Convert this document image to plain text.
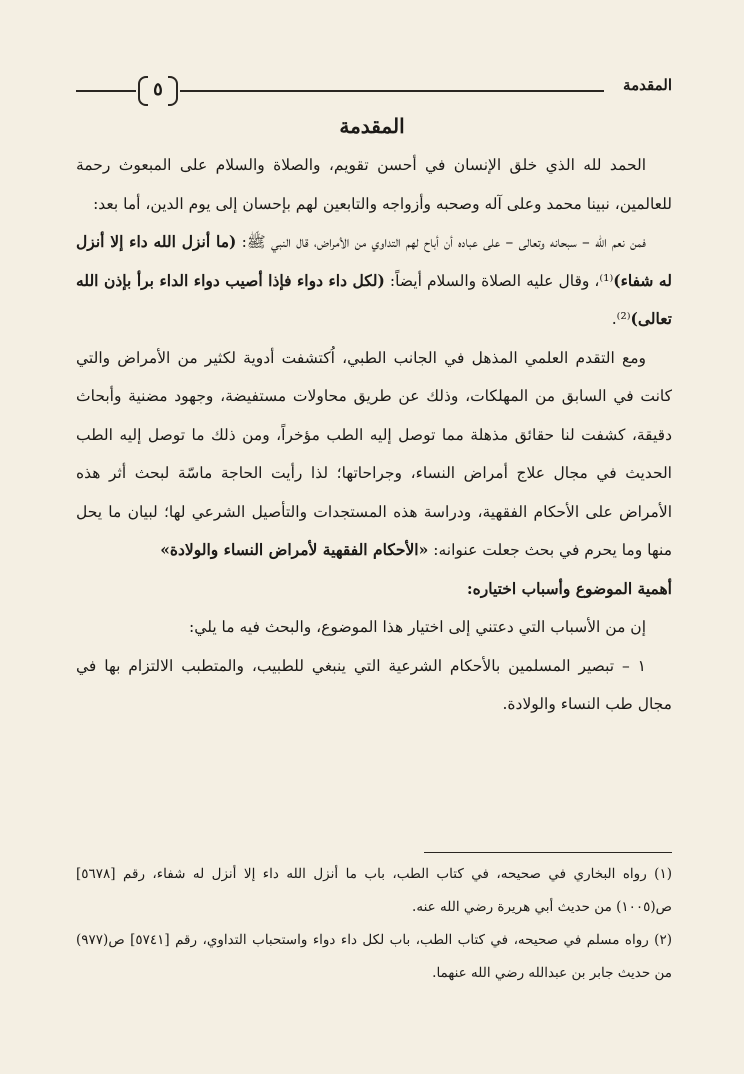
٥	المقدمة
المقدمة

الحمد لله الذي خلق الإنسان في أحسن تقويم، والصلاة والسلام على المبعوث رحمة للعالمين، نبينا محمد وعلى آله وصحبه وأزواجه والتابعين لهم بإحسان إلى يوم الدين، أما بعد:

فمن نعم الله – سبحانه وتعالى – على عباده أن أباح لهم التداوي من الأمراض، قال النبي ﷺ: (ما أنزل الله داء إلا أنزل له شفاء)⁽¹⁾، وقال عليه الصلاة والسلام أيضاً: (لكل داء دواء فإذا أصيب دواء الداء برأ بإذن الله تعالى)⁽²⁾.

ومع التقدم العلمي المذهل في الجانب الطبي، اُكتشفت أدوية لكثير من الأمراض والتي كانت في السابق من المهلكات، وذلك عن طريق محاولات مستفيضة، وجهود مضنية وأبحاث دقيقة، كشفت لنا حقائق مذهلة مما توصل إليه الطب مؤخراً، ومن ذلك ما توصل إليه الطب الحديث في مجال علاج أمراض النساء، وجراحاتها؛ لذا رأيت الحاجة ماسّة لبحث أثر هذه الأمراض على الأحكام الفقهية، ودراسة هذه المستجدات والتأصيل الشرعي لها؛ لبيان ما يحل منها وما يحرم في بحث جعلت عنوانه: «الأحكام الفقهية لأمراض النساء والولادة»

أهمية الموضوع وأسباب اختياره:

إن من الأسباب التي دعتني إلى اختيار هذا الموضوع، والبحث فيه ما يلي:

١ – تبصير المسلمين بالأحكام الشرعية التي ينبغي للطبيب، والمتطبب الالتزام بها في مجال طب النساء والولادة.

(١) رواه البخاري في صحيحه، في كتاب الطب، باب ما أنزل الله داء إلا أنزل له شفاء، رقم [٥٦٧٨] ص(١٠٠٥) من حديث أبي هريرة رضي الله عنه.

(٢) رواه مسلم في صحيحه، في كتاب الطب، باب لكل داء دواء واستحباب التداوي، رقم [٥٧٤١] ص(٩٧٧) من حديث جابر بن عبدالله رضي الله عنهما.
